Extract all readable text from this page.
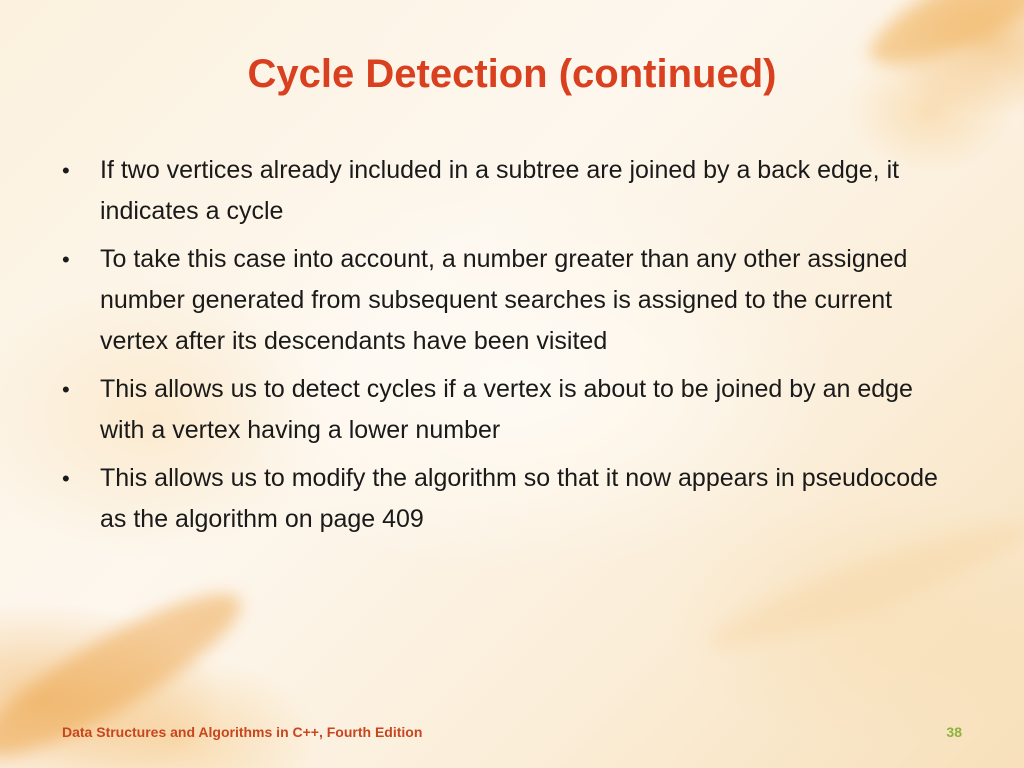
Cycle Detection (continued)
• If two vertices already included in a subtree are joined by a back edge, it indicates a cycle
• To take this case into account, a number greater than any other assigned number generated from subsequent searches is assigned to the current vertex after its descendants have been visited
• This allows us to detect cycles if a vertex is about to be joined by an edge with a vertex having a lower number
• This allows us to modify the algorithm so that it now appears in pseudocode as the algorithm on page 409
Data Structures and Algorithms in C++, Fourth Edition	38
